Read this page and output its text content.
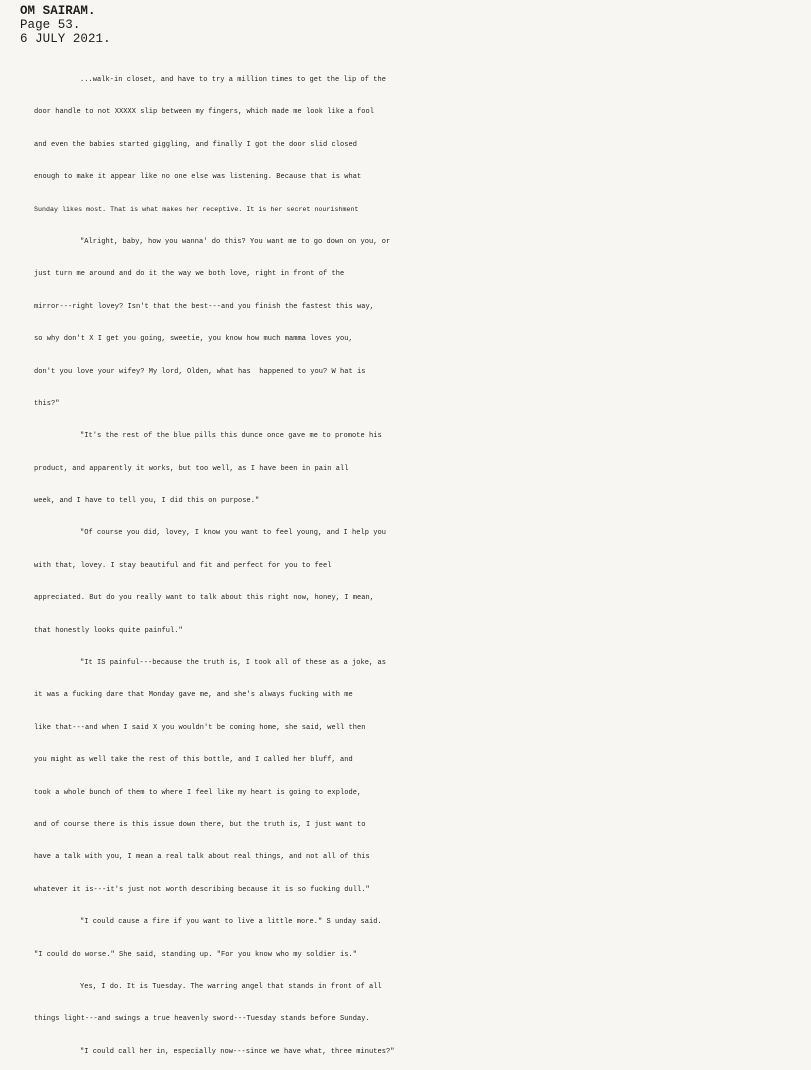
OM SAIRAM.
Page 53.
6 JULY 2021.
...walk-in closet, and have to try a million times to get the lip of the
door handle to not XXXXX slip between my fingers, which made me look like a fool
and even the babies started giggling, and finally I got the door slid closed
enough to make it appear like no one else was listening. Because that is what
Sunday likes most. That is what makes her receptive. It is her secret nourishment
"Alright, baby, how you wanna' do this? You want me to go down on you, or
just turn me around and do it the way we both love, right in front of the
mirror---right lovey? Isn't that the best---and you finish the fastest this way,
so why don't X I get you going, sweetie, you know how much mamma loves you,
don't you love your wifey? My lord, Olden, what has  happened to you? W hat is
this?"
"It's the rest of the blue pills this dunce once gave me to promote his
product, and apparently it works, but too well, as I have been in pain all
week, and I have to tell you, I did this on purpose."
"Of course you did, lovey, I know you want to feel young, and I help you
with that, lovey. I stay beautiful and fit and perfect for you to feel
appreciated. But do you really want to talk about this right now, honey, I mean,
that honestly looks quite painful."
"It IS painful---because the truth is, I took all of these as a joke, as
it was a fucking dare that Monday gave me, and she's always fucking with me
like that---and when I said X you wouldn't be coming home, she said, well then
you might as well take the rest of this bottle, and I called her bluff, and
took a whole bunch of them to where I feel like my heart is going to explode,
and of course there is this issue down there, but the truth is, I just want to
have a talk with you, I mean a real talk about real things, and not all of this
whatever it is---it's just not worth describing because it is so fucking dull."
"I could cause a fire if you want to live a little more." S unday said.
"I could do worse." She said, standing up. "For you know who my soldier is."
Yes, I do. It is Tuesday. The warring angel that stands in front of all
things light---and swings a true heavenly sword---Tuesday stands before Sunday.
"I could call her in, especially now---since we have what, three minutes?"
